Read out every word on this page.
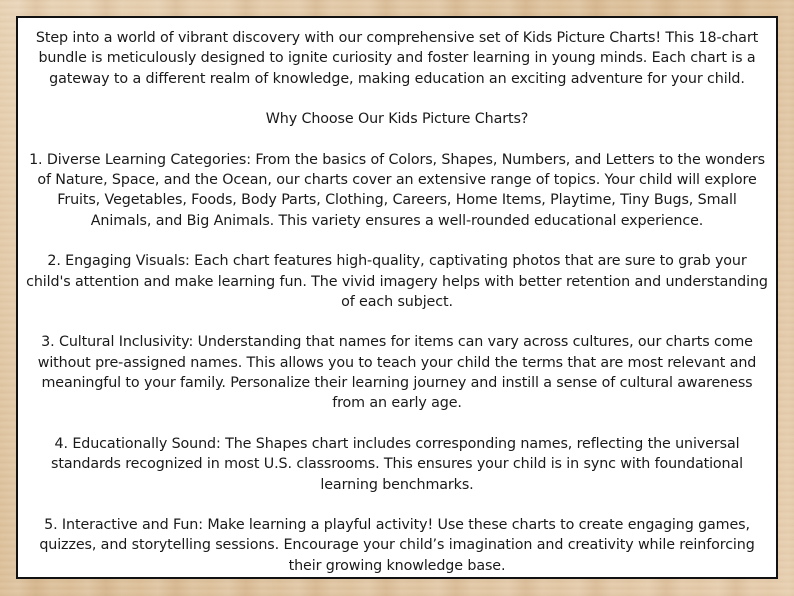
Step into a world of vibrant discovery with our comprehensive set of Kids Picture Charts! This 18-chart bundle is meticulously designed to ignite curiosity and foster learning in young minds. Each chart is a gateway to a different realm of knowledge, making education an exciting adventure for your child.

Why Choose Our Kids Picture Charts?

1. Diverse Learning Categories: From the basics of Colors, Shapes, Numbers, and Letters to the wonders of Nature, Space, and the Ocean, our charts cover an extensive range of topics. Your child will explore Fruits, Vegetables, Foods, Body Parts, Clothing, Careers, Home Items, Playtime, Tiny Bugs, Small Animals, and Big Animals. This variety ensures a well-rounded educational experience.

2. Engaging Visuals: Each chart features high-quality, captivating photos that are sure to grab your child's attention and make learning fun. The vivid imagery helps with better retention and understanding of each subject.

3. Cultural Inclusivity: Understanding that names for items can vary across cultures, our charts come without pre-assigned names. This allows you to teach your child the terms that are most relevant and meaningful to your family. Personalize their learning journey and instill a sense of cultural awareness from an early age.

4. Educationally Sound: The Shapes chart includes corresponding names, reflecting the universal standards recognized in most U.S. classrooms. This ensures your child is in sync with foundational learning benchmarks.

5. Interactive and Fun: Make learning a playful activity! Use these charts to create engaging games, quizzes, and storytelling sessions. Encourage your child’s imagination and creativity while reinforcing their growing knowledge base.
